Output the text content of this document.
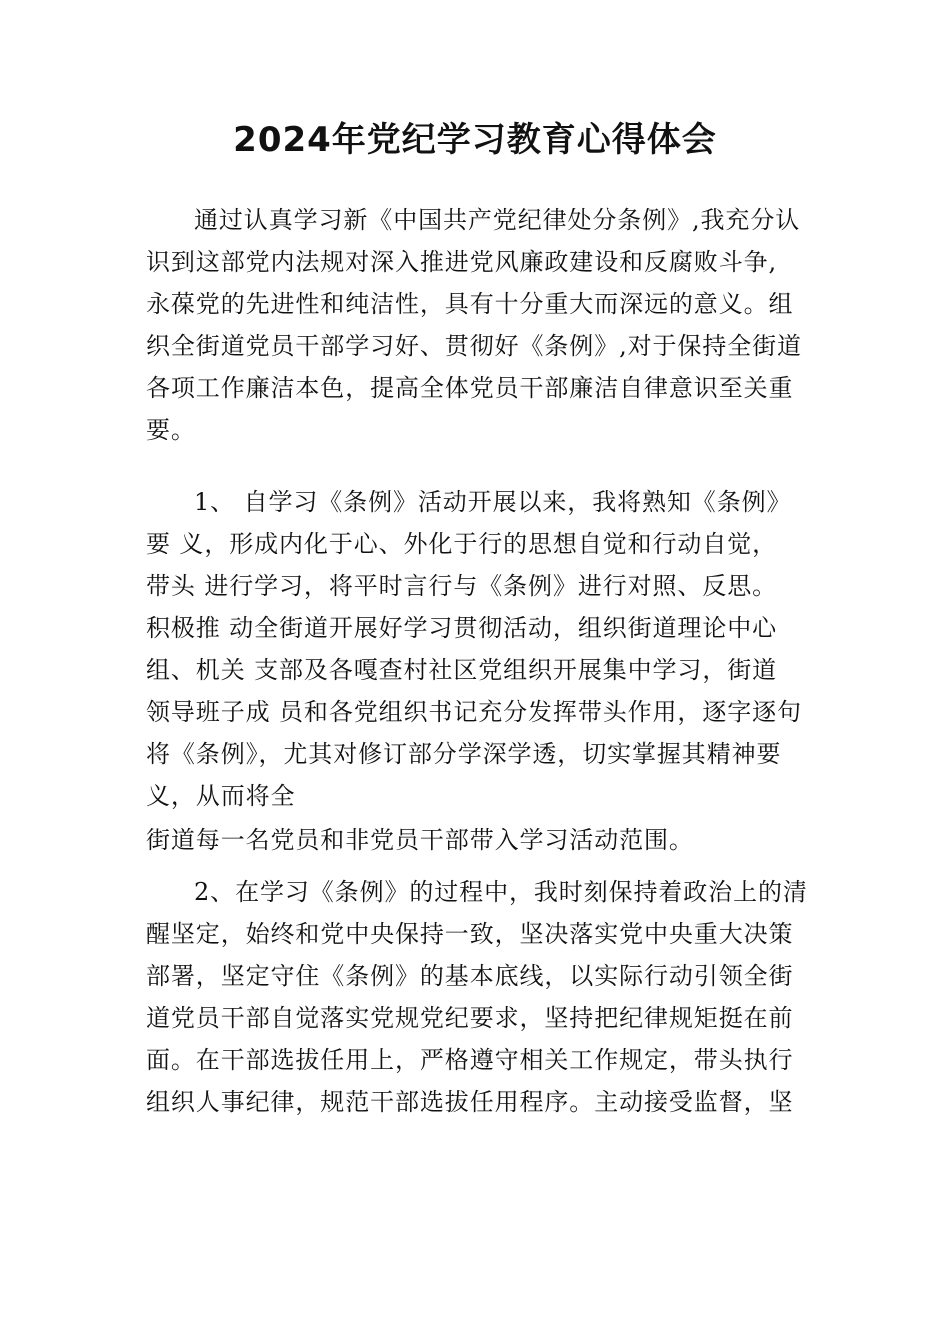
2024年党纪学习教育心得体会
通过认真学习新《中国共产党纪律处分条例》,我充分认
识到这部党内法规对深入推进党风廉政建设和反腐败斗争,
永葆党的先进性和纯洁性，具有十分重大而深远的意义。组
织全街道党员干部学习好、贯彻好《条例》,对于保持全街道
各项工作廉洁本色，提高全体党员干部廉洁自律意识至关重
要。
1、 自学习《条例》活动开展以来，我将熟知《条例》
要 义，形成内化于心、外化于行的思想自觉和行动自觉，
带头 进行学习，将平时言行与《条例》进行对照、反思。
积极推 动全街道开展好学习贯彻活动，组织街道理论中心
组、机关 支部及各嘎查村社区党组织开展集中学习，街道
领导班子成 员和各党组织书记充分发挥带头作用，逐字逐句
将《条例》，尤其对修订部分学深学透，切实掌握其精神要
义，从而将全
街道每一名党员和非党员干部带入学习活动范围。
2、在学习《条例》的过程中，我时刻保持着政治上的清
醒坚定，始终和党中央保持一致，坚决落实党中央重大决策
部署，坚定守住《条例》的基本底线，以实际行动引领全街
道党员干部自觉落实党规党纪要求，坚持把纪律规矩挺在前
面。在干部选拔任用上，严格遵守相关工作规定，带头执行
组织人事纪律，规范干部选拔任用程序。主动接受监督，坚
